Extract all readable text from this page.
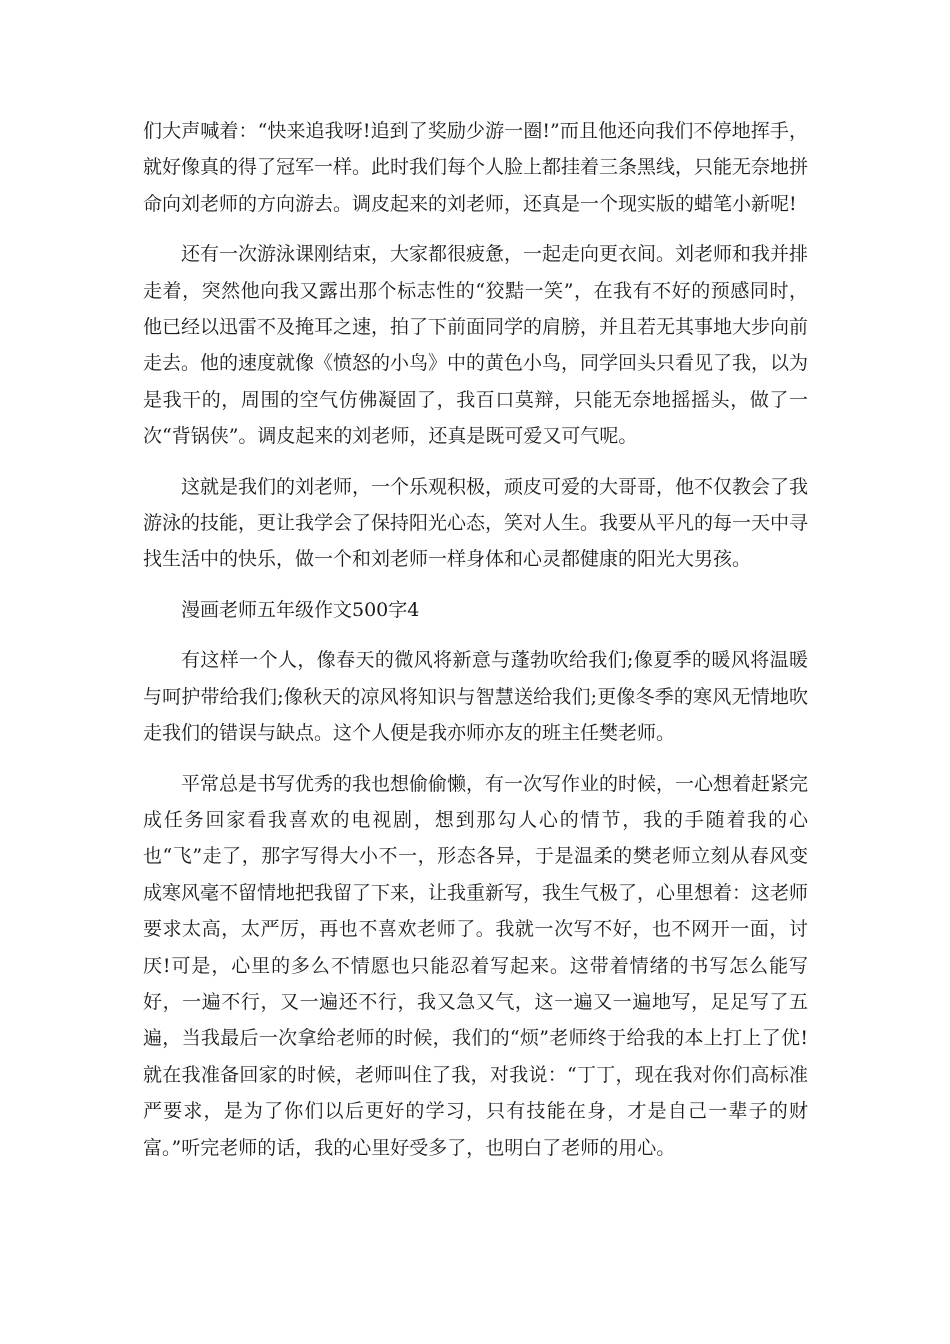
们大声喊着：“快来追我呀!追到了奖励少游一圈!”而且他还向我们不停地挥手，就好像真的得了冠军一样。此时我们每个人脸上都挂着三条黑线，只能无奈地拼命向刘老师的方向游去。调皮起来的刘老师，还真是一个现实版的蜡笔小新呢!

还有一次游泳课刚结束，大家都很疲惫，一起走向更衣间。刘老师和我并排走着，突然他向我又露出那个标志性的“狡黠一笑”，在我有不好的预感同时，他已经以迅雷不及掩耳之速，拍了下前面同学的肩膀，并且若无其事地大步向前走去。他的速度就像《愤怒的小鸟》中的黄色小鸟，同学回头只看见了我，以为是我干的，周围的空气仿佛凝固了，我百口莫辩，只能无奈地摇摇头，做了一次“背锅侠”。调皮起来的刘老师，还真是既可爱又可气呢。

这就是我们的刘老师，一个乐观积极，顽皮可爱的大哥哥，他不仅教会了我游泳的技能，更让我学会了保持阳光心态，笑对人生。我要从平凡的每一天中寻找生活中的快乐，做一个和刘老师一样身体和心灵都健康的阳光大男孩。

漫画老师五年级作文500字4

有这样一个人，像春天的微风将新意与蓬勃吹给我们;像夏季的暖风将温暖与呵护带给我们;像秋天的凉风将知识与智慧送给我们;更像冬季的寒风无情地吹走我们的错误与缺点。这个人便是我亦师亦友的班主任樊老师。

平常总是书写优秀的我也想偷偷懒，有一次写作业的时候，一心想着赶紧完成任务回家看我喜欢的电视剧，想到那勾人心的情节，我的手随着我的心也“飞”走了，那字写得大小不一，形态各异，于是温柔的樊老师立刻从春风变成寒风毫不留情地把我留了下来，让我重新写，我生气极了，心里想着：这老师要求太高，太严厉，再也不喜欢老师了。我就一次写不好，也不网开一面，讨厌!可是，心里的多么不情愿也只能忍着写起来。这带着情绪的书写怎么能写好，一遍不行，又一遍还不行，我又急又气，这一遍又一遍地写，足足写了五遍，当我最后一次拿给老师的时候，我们的“烦”老师终于给我的本上打上了优!就在我准备回家的时候，老师叫住了我，对我说：“丁丁，现在我对你们高标准严要求，是为了你们以后更好的学习，只有技能在身，才是自己一辈子的财富。”听完老师的话，我的心里好受多了，也明白了老师的用心。
